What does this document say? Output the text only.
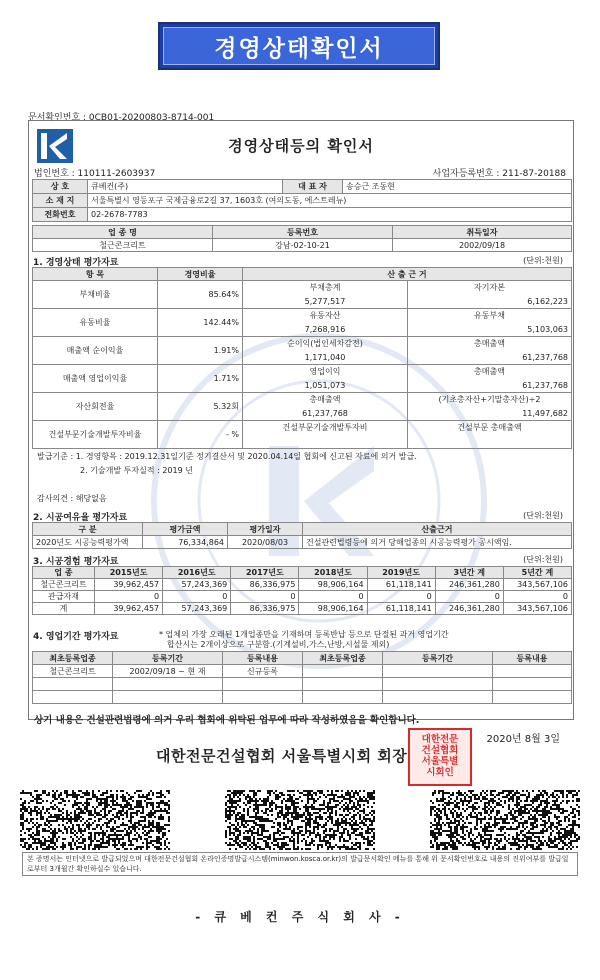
경영상태확인서
문서확인번호 : 0CB01-20200803-8714-001
경영상태등의 확인서
법인번호 : 110111-2603937	사업자등록번호 : 211-87-20188
상 호	큐베컨(주)	대 표 자	송승근 조동현
소 재 지	서울특별시 영등포구 국제금융로2길 37, 1603호 (여의도동, 에스트레뉴)		
전화번호	02-2678-7783		
업 종 명	등록번호	취득일자
철근콘크리트	강남-02-10-21	2002/09/18
1. 경영상태 평가자료	(단위:천원)
항 목	경영비율	산 출 근 거	
부채비율	85.64%	부채총계	자기자본
		5,277,517	6,162,223
유동비율	142.44%	유동자산	유동부채
		7,268,916	5,103,063
매출액 순이익율	1.91%	순이익(법인세차감전)	총매출액
		1,171,040	61,237,768
매출액 영업이익율	1.71%	영업이익	총매출액
		1,051,073	61,237,768
자산회전율	5.32회	총매출액	(기초총자산+기말총자산)÷2
		61,237,768	11,497,682
건설부문기술개발투자비율	- %	건설부문기술개발투자비	건설부문 총매출액

발급기준 : 1. 경영항목 : 2019.12.31일기준 정기결산서 및 2020.04.14일 협회에 신고된 자료에 의거 발급.
2. 기술개발 투자실적 : 2019 년
감사의견 : 해당없음
2. 시공여유율 평가자료	(단위:천원)
구 분	평가금액	평가일자	산출근거
2020년도 시공능력평가액	76,334,864	2020/08/03	건설관련법령등에 의거 당해업종의 시공능력평가 공시액임.
3. 시공경험 평가자료	(단위:천원)
업 종	2015년도	2016년도	2017년도	2018년도	2019년도	3년간 계	5년간 계
철근콘크리트	39,962,457	57,243,369	86,336,975	98,906,164	61,118,141	246,361,280	343,567,106
관급자재	0	0	0	0	0	0	0
계	39,962,457	57,243,369	86,336,975	98,906,164	61,118,141	246,361,280	343,567,106
4. 영업기간 평가자료	* 업체의 가장 오래된 1개업종만을 기재하며 등록반납 등으로 단절된 과거 영업기간
합산시는 2개이상으로 구분함.(기계설비,가스,난방,시설물 제외)
최초등록업종	등록기간	등록내용	최초등록업종	등록기간	등록내용
철근콘크리트	2002/09/18 ~ 현 재	신규등록			

상기 내용은 건설관련법령에 의거 우리 협회에 위탁된 업무에 따라 작성하였음을 확인합니다.
2020년 8월 3일
대한전문건설협회 서울특별시회 회장
대한전문
건설협회
서울특별
시회인
본 증명서는 인터넷으로 발급되었으며 대한전문건설협회 온라인증명발급시스템(minwon.kosca.or.kr)의 발급문서확인 메뉴를 통해 위 문서확인번호로 내용의 진위여부를 발급일로부터 3개월간 확인하실수 있습니다.
- 큐 베 컨 주 식 회 사 -
